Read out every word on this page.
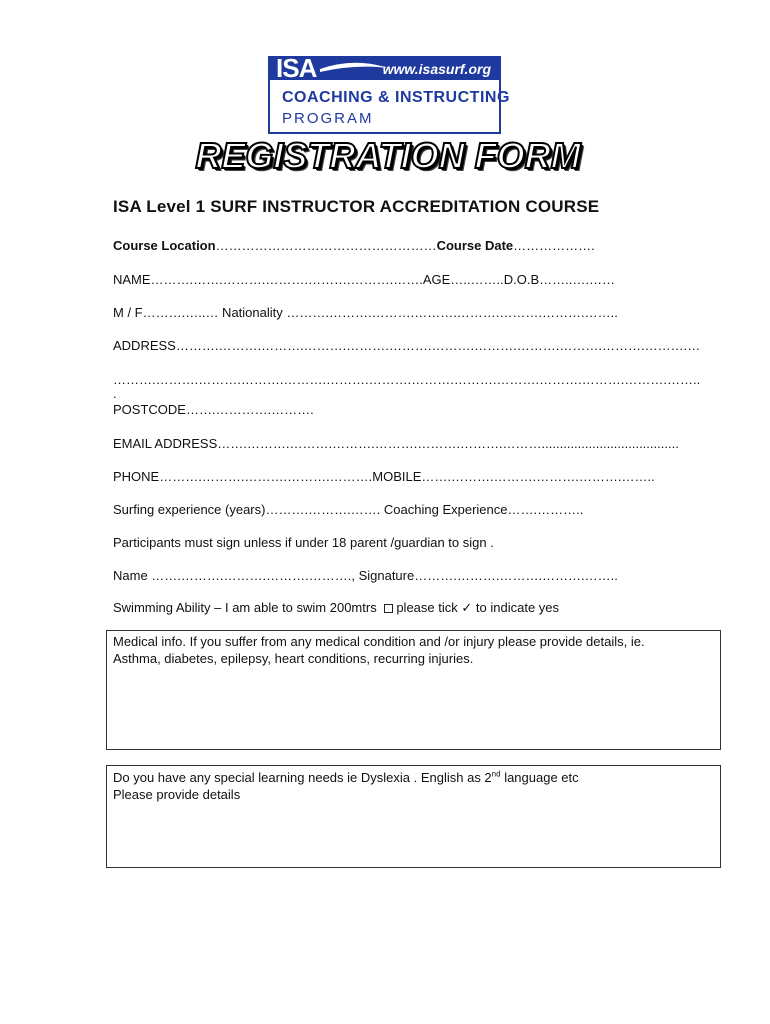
ISA	www.isasurf.org
COACHING & INSTRUCTING
PROGRAM
REGISTRATION FORM
ISA Level 1 SURF INSTRUCTOR ACCREDITATION COURSE
Course Location……………………………………………Course Date……………….
NAME……….…….……….……….……….……….…….AGE…..……..D.O.B……..….……
M / F……….…..… Nationality ……….……….……….……….……….……….……….……..
ADDRESS……….……….……….……….……….……….……….……….……….……….……….……….…
……….……….……….……….……….……….……….……….……….……….……….……….……….……..
.
POSTCODE…….………….……….
EMAIL ADDRESS…….……….……….……….……….……….……….………......................................
PHONE……….……….……….……….……….MOBILE…….……….……….……….……….……..
Surfing experience (years)……….……….……. Coaching Experience…….………..
Participants must sign unless if under 18 parent /guardian to sign .
Name …….……….……….……….………., Signature……….……….……….……….……..
Swimming Ability – I am able to swim 200mtrs please tick ✓ to indicate yes

Medical info. If you suffer from any medical condition and /or injury please provide details, ie.

Asthma, diabetes, epilepsy, heart conditions, recurring injuries.

Do you have any special learning needs ie Dyslexia . English as 2nd language etc

Please provide details
